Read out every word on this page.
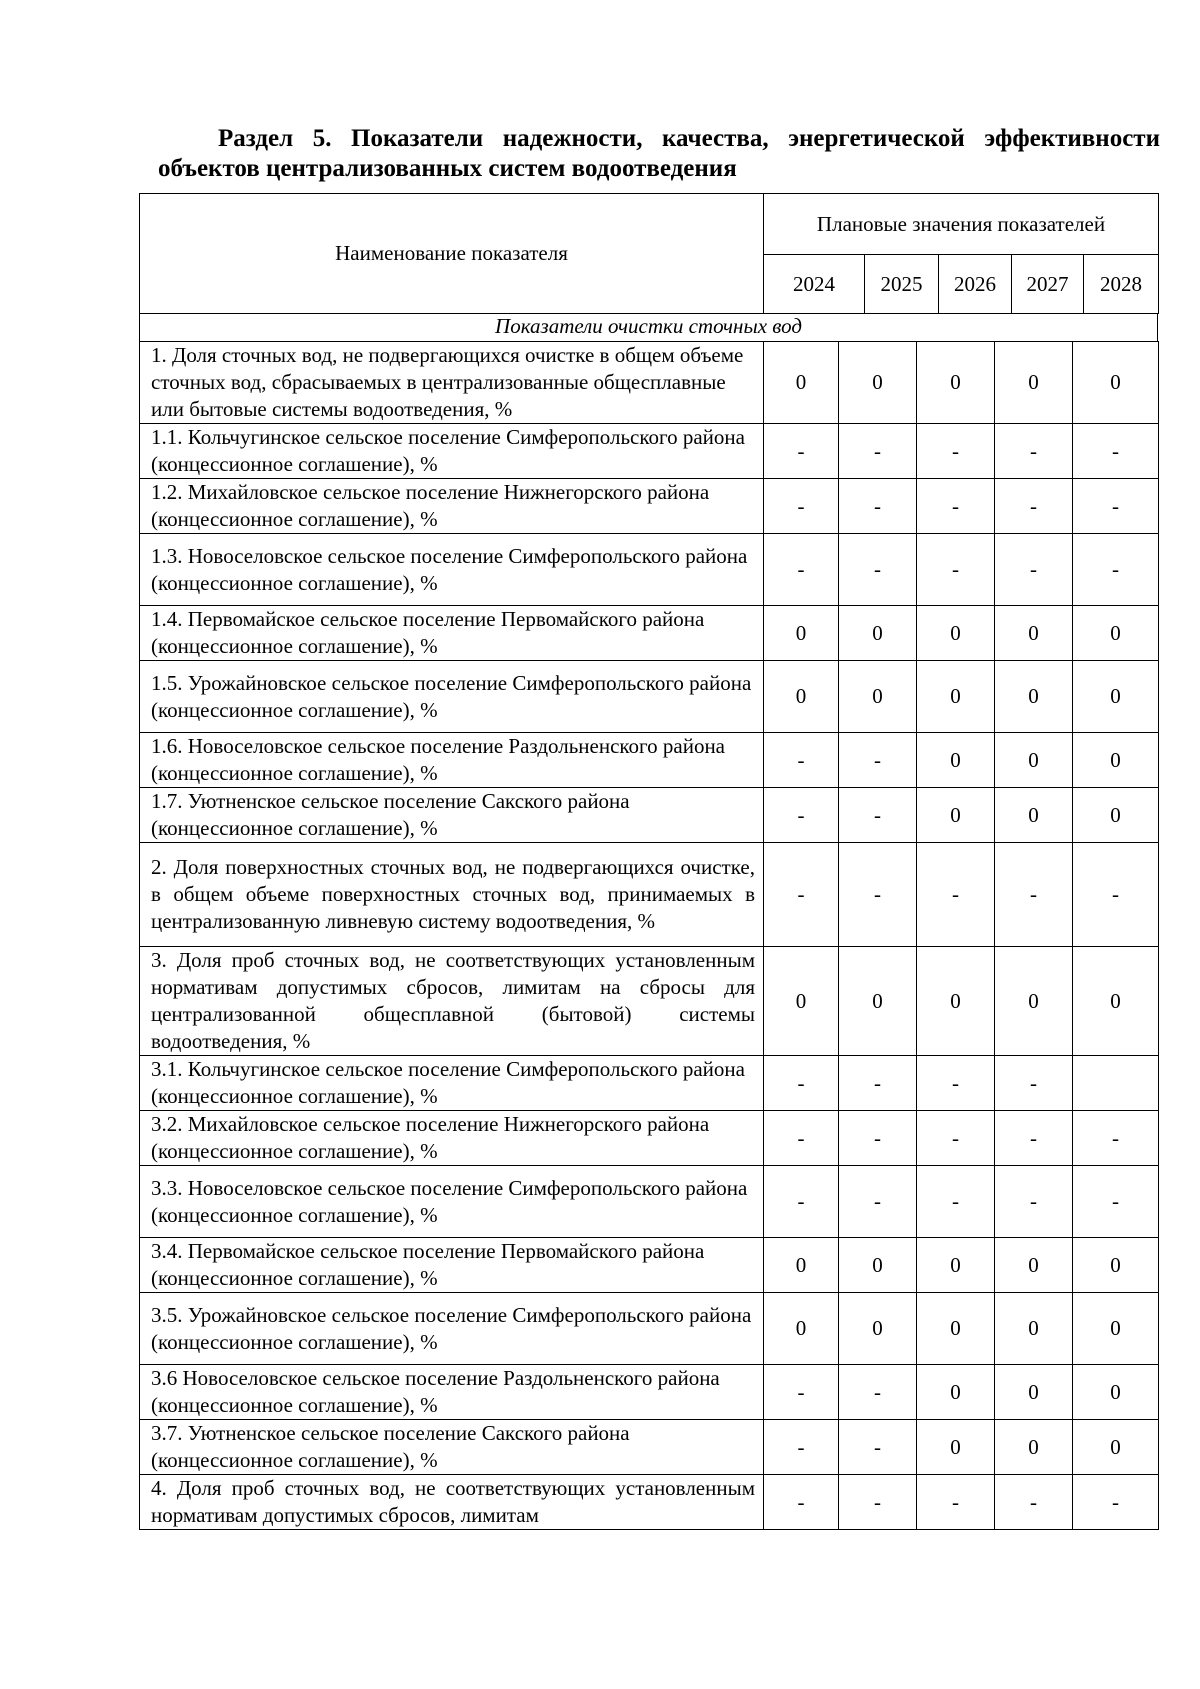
Раздел 5. Показатели надежности, качества, энергетической эффективности объектов централизованных систем водоотведения
Наименование показателя	Плановые значения показателей				
	2024	2025	2026	2027	2028
Показатели очистки сточных вод
1. Доля сточных вод, не подвергающихся очистке в общем объеме сточных вод, сбрасываемых в централизованные общесплавные или бытовые системы водоотведения, %	0	0	0	0	0
1.1. Кольчугинское сельское поселение Симферопольского района (концессионное соглашение), %	-	-	-	-	-
1.2. Михайловское сельское поселение Нижнегорского района (концессионное соглашение), %	-	-	-	-	-
1.3. Новоселовское сельское поселение Симферопольского района (концессионное соглашение), %	-	-	-	-	-
1.4. Первомайское сельское поселение Первомайского района (концессионное соглашение), %	0	0	0	0	0
1.5. Урожайновское сельское поселение Симферопольского района (концессионное соглашение), %	0	0	0	0	0
1.6. Новоселовское сельское поселение Раздольненского района (концессионное соглашение), %	-	-	0	0	0
1.7. Уютненское сельское поселение Сакского района (концессионное соглашение), %	-	-	0	0	0
2. Доля поверхностных сточных вод, не подвергающихся очистке, в общем объеме поверхностных сточных вод, принимаемых в централизованную ливневую систему водоотведения, %	-	-	-	-	-
3. Доля проб сточных вод, не соответствующих установленным нормативам допустимых сбросов, лимитам на сбросы для централизованной общесплавной (бытовой) системы водоотведения, %	0	0	0	0	0
3.1. Кольчугинское сельское поселение Симферопольского района (концессионное соглашение), %	-	-	-	-	
3.2. Михайловское сельское поселение Нижнегорского района (концессионное соглашение), %	-	-	-	-	-
3.3. Новоселовское сельское поселение Симферопольского района (концессионное соглашение), %	-	-	-	-	-
3.4. Первомайское сельское поселение Первомайского района (концессионное соглашение), %	0	0	0	0	0
3.5. Урожайновское сельское поселение Симферопольского района (концессионное соглашение), %	0	0	0	0	0
3.6 Новоселовское сельское поселение Раздольненского района (концессионное соглашение), %	-	-	0	0	0
3.7. Уютненское сельское поселение Сакского района (концессионное соглашение), %	-	-	0	0	0
4. Доля проб сточных вод, не соответствующих установленным нормативам допустимых сбросов, лимитам	-	-	-	-	-
